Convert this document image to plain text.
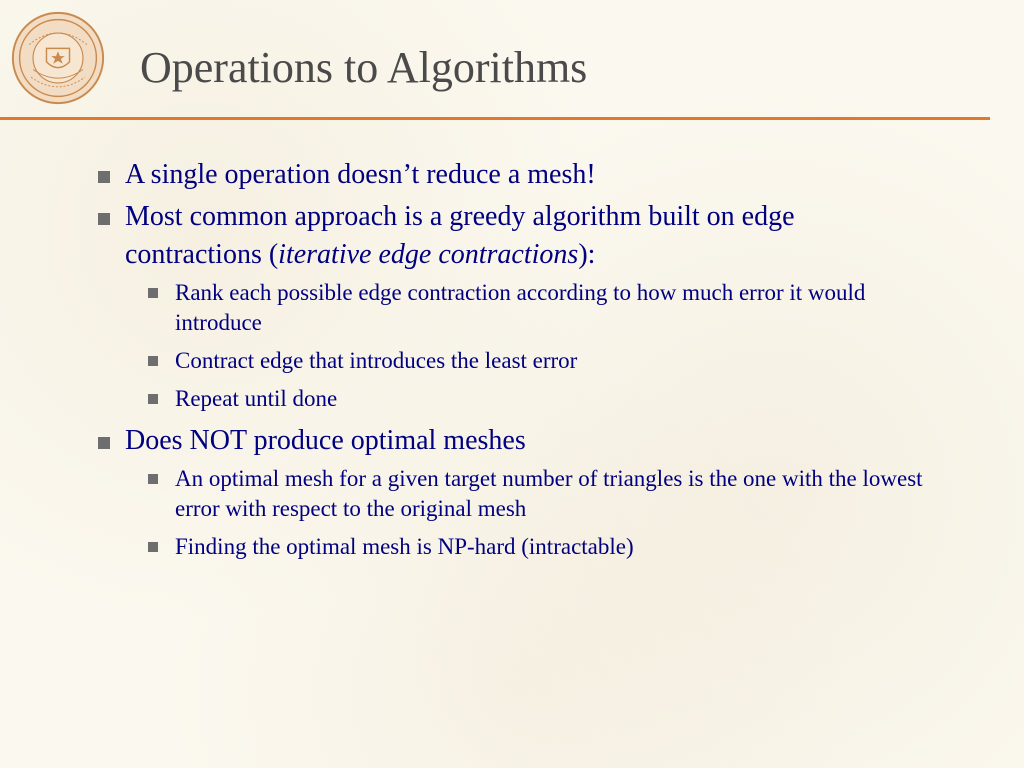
Operations to Algorithms
A single operation doesn’t reduce a mesh!
Most common approach is a greedy algorithm built on edge contractions (iterative edge contractions):
Rank each possible edge contraction according to how much error it would introduce
Contract edge that introduces the least error
Repeat until done
Does NOT produce optimal meshes
An optimal mesh for a given target number of triangles is the one with the lowest error with respect to the original mesh
Finding the optimal mesh is NP-hard (intractable)
